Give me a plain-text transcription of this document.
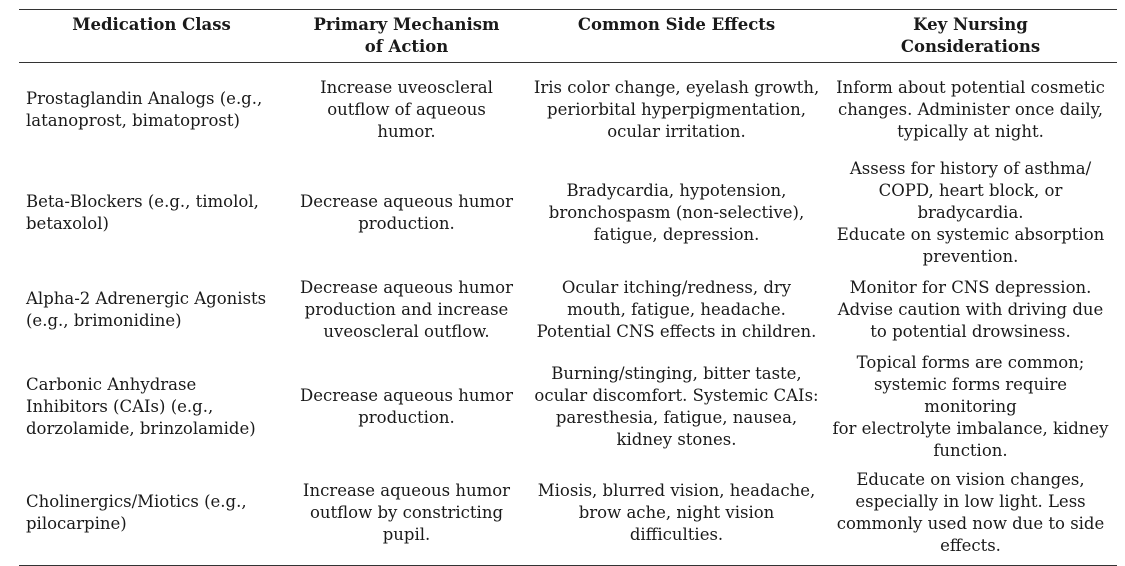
Medication Class	Primary Mechanism
of Action	Common Side Effects	Key Nursing
Considerations

Prostaglandin Analogs (e.g.,
latanoprost, bimatoprost)	Increase uveoscleral
outflow of aqueous
humor.	Iris color change, eyelash growth,
periorbital hyperpigmentation,
ocular irritation.	Inform about potential cosmetic
changes. Administer once daily,
typically at night.

Beta-Blockers (e.g., timolol,
betaxolol)	Decrease aqueous humor
production.	Bradycardia, hypotension,
bronchospasm (non-selective),
fatigue, depression.	Assess for history of asthma/
COPD, heart block, or bradycardia.
Educate on systemic absorption
prevention.

Alpha-2 Adrenergic Agonists
(e.g., brimonidine)	Decrease aqueous humor
production and increase
uveoscleral outflow.	Ocular itching/redness, dry
mouth, fatigue, headache.
Potential CNS effects in children.	Monitor for CNS depression.
Advise caution with driving due
to potential drowsiness.

Carbonic Anhydrase
Inhibitors (CAIs) (e.g.,
dorzolamide, brinzolamide)	Decrease aqueous humor
production.	Burning/stinging, bitter taste,
ocular discomfort. Systemic CAIs:
paresthesia, fatigue, nausea,
kidney stones.	Topical forms are common;
systemic forms require monitoring
for electrolyte imbalance, kidney
function.

Cholinergics/Miotics (e.g.,
pilocarpine)	Increase aqueous humor
outflow by constricting
pupil.	Miosis, blurred vision, headache,
brow ache, night vision
difficulties.	Educate on vision changes,
especially in low light. Less
commonly used now due to side
effects.
